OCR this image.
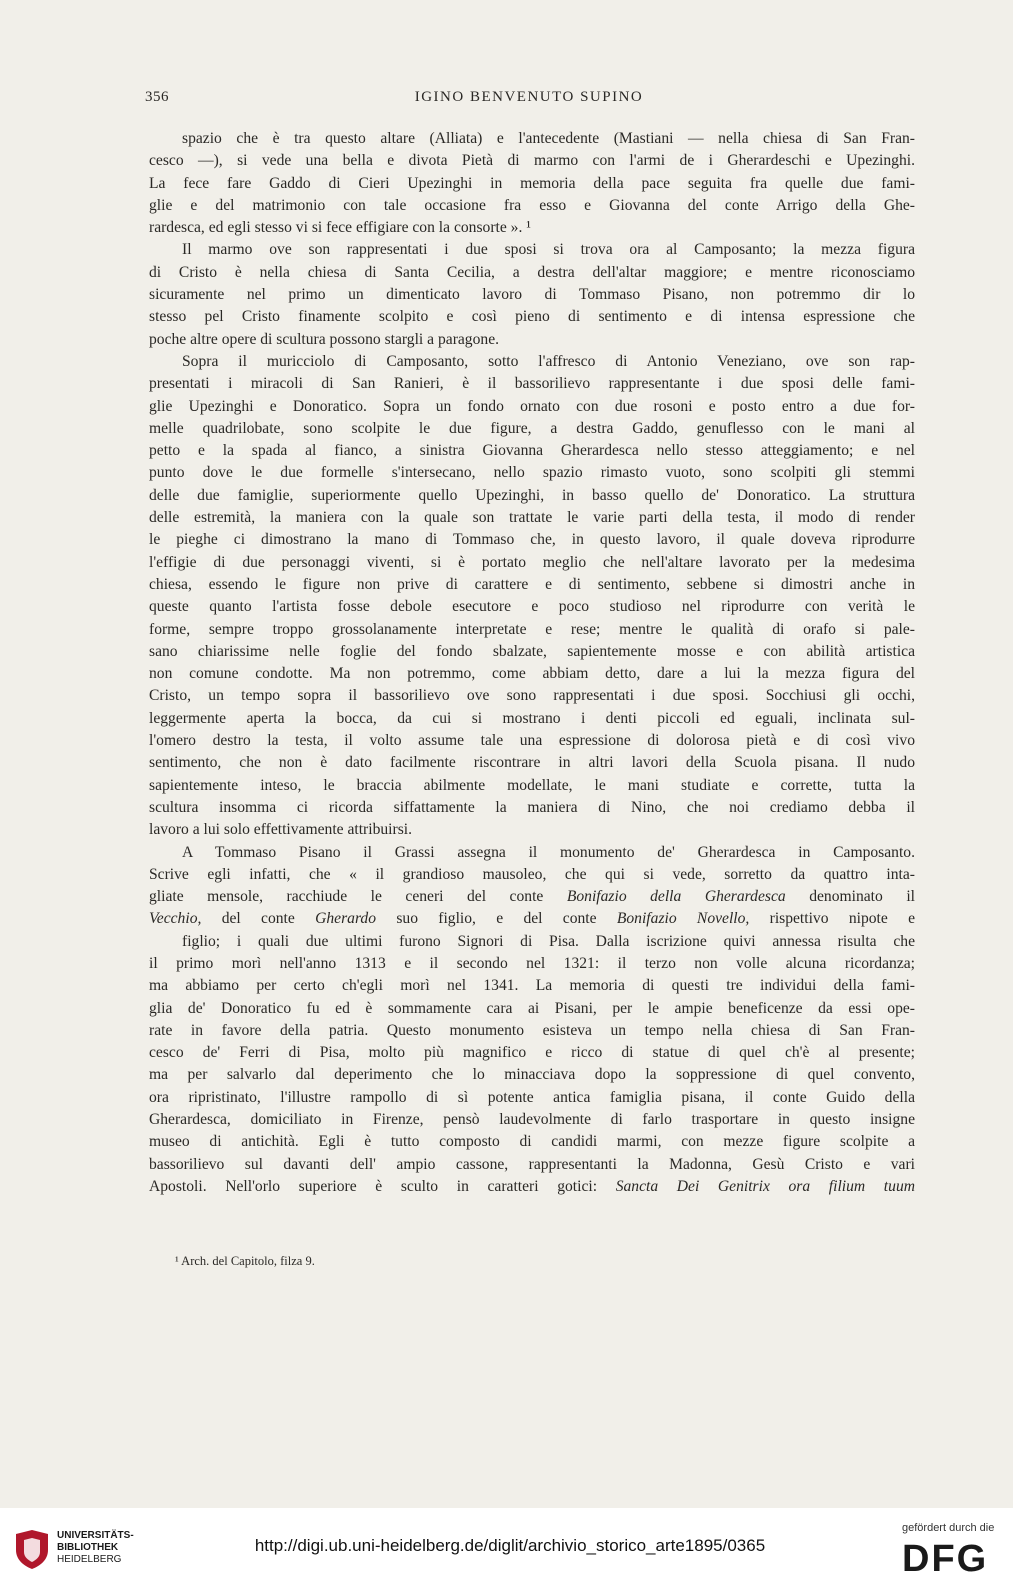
356	IGINO BENVENUTO SUPINO
spazio che è tra questo altare (Alliata) e l'antecedente (Mastiani — nella chiesa di San Fran-
cesco —), si vede una bella e divota Pietà di marmo con l'armi de i Gherardeschi e Upezinghi.
La fece fare Gaddo di Cieri Upezinghi in memoria della pace seguita fra quelle due fami-
glie e del matrimonio con tale occasione fra esso e Giovanna del conte Arrigo della Ghe-
rardesca, ed egli stesso vi si fece effigiare con la consorte ». ¹
Il marmo ove son rappresentati i due sposi si trova ora al Camposanto; la mezza figura
di Cristo è nella chiesa di Santa Cecilia, a destra dell'altar maggiore; e mentre riconosciamo
sicuramente nel primo un dimenticato lavoro di Tommaso Pisano, non potremmo dir lo
stesso pel Cristo finamente scolpito e così pieno di sentimento e di intensa espressione che
poche altre opere di scultura possono stargli a paragone.
Sopra il muricciolo di Camposanto, sotto l'affresco di Antonio Veneziano, ove son rap-
presentati i miracoli di San Ranieri, è il bassorilievo rappresentante i due sposi delle fami-
glie Upezinghi e Donoratico. Sopra un fondo ornato con due rosoni e posto entro a due for-
melle quadrilobate, sono scolpite le due figure, a destra Gaddo, genuflesso con le mani al
petto e la spada al fianco, a sinistra Giovanna Gherardesca nello stesso atteggiamento; e nel
punto dove le due formelle s'intersecano, nello spazio rimasto vuoto, sono scolpiti gli stemmi
delle due famiglie, superiormente quello Upezinghi, in basso quello de' Donoratico. La struttura
delle estremità, la maniera con la quale son trattate le varie parti della testa, il modo di render
le pieghe ci dimostrano la mano di Tommaso che, in questo lavoro, il quale doveva riprodurre
l'effigie di due personaggi viventi, si è portato meglio che nell'altare lavorato per la medesima
chiesa, essendo le figure non prive di carattere e di sentimento, sebbene si dimostri anche in
queste quanto l'artista fosse debole esecutore e poco studioso nel riprodurre con verità le
forme, sempre troppo grossolanamente interpretate e rese; mentre le qualità di orafo si pale-
sano chiarissime nelle foglie del fondo sbalzate, sapientemente mosse e con abilità artistica
non comune condotte. Ma non potremmo, come abbiam detto, dare a lui la mezza figura del
Cristo, un tempo sopra il bassorilievo ove sono rappresentati i due sposi. Socchiusi gli occhi,
leggermente aperta la bocca, da cui si mostrano i denti piccoli ed eguali, inclinata sul-
l'omero destro la testa, il volto assume tale una espressione di dolorosa pietà e di così vivo
sentimento, che non è dato facilmente riscontrare in altri lavori della Scuola pisana. Il nudo
sapientemente inteso, le braccia abilmente modellate, le mani studiate e corrette, tutta la
scultura insomma ci ricorda siffattamente la maniera di Nino, che noi crediamo debba il
lavoro a lui solo effettivamente attribuirsi.
A Tommaso Pisano il Grassi assegna il monumento de' Gherardesca in Camposanto.
Scrive egli infatti, che « il grandioso mausoleo, che qui si vede, sorretto da quattro inta-
gliate mensole, racchiude le ceneri del conte Bonifazio della Gherardesca denominato il
Vecchio, del conte Gherardo suo figlio, e del conte Bonifazio Novello, rispettivo nipote e
figlio; i quali due ultimi furono Signori di Pisa. Dalla iscrizione quivi annessa risulta che
il primo morì nell'anno 1313 e il secondo nel 1321: il terzo non volle alcuna ricordanza;
ma abbiamo per certo ch'egli morì nel 1341. La memoria di questi tre individui della fami-
glia de' Donoratico fu ed è sommamente cara ai Pisani, per le ampie beneficenze da essi ope-
rate in favore della patria. Questo monumento esisteva un tempo nella chiesa di San Fran-
cesco de' Ferri di Pisa, molto più magnifico e ricco di statue di quel ch'è al presente;
ma per salvarlo dal deperimento che lo minacciava dopo la soppressione di quel convento,
ora ripristinato, l'illustre rampollo di sì potente antica famiglia pisana, il conte Guido della
Gherardesca, domiciliato in Firenze, pensò laudevolmente di farlo trasportare in questo insigne
museo di antichità. Egli è tutto composto di candidi marmi, con mezze figure scolpite a
bassorilievo sul davanti dell' ampio cassone, rappresentanti la Madonna, Gesù Cristo e vari
Apostoli. Nell'orlo superiore è sculto in caratteri gotici: Sancta Dei Genitrix ora filium tuum
¹ Arch. del Capitolo, filza 9.
UNIVERSITÄTS-
BIBLIOTHEK
HEIDELBERG
http://digi.ub.uni-heidelberg.de/diglit/archivio_storico_arte1895/0365
gefördert durch die
DFG
